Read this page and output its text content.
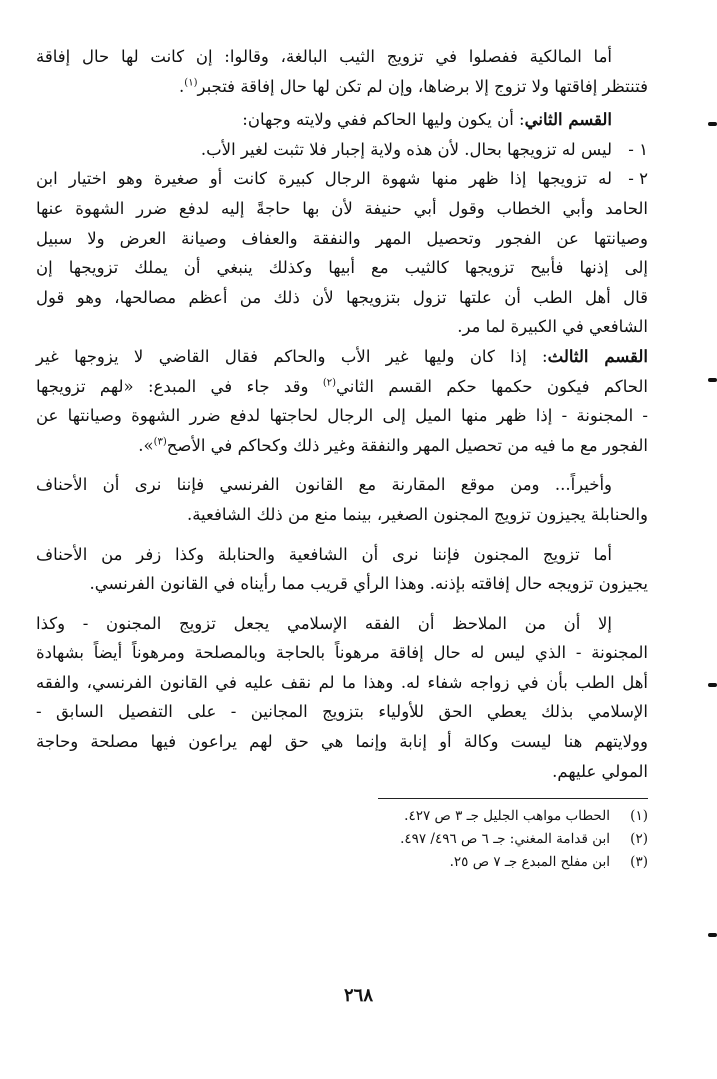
أما المالكية ففصلوا في تزويج الثيب البالغة، وقالوا: إن كانت لها حال إفاقة
فتنتظر إفاقتها ولا تزوج إلا برضاها، وإن لم تكن لها حال إفاقة فتجبر$^{(١)}$.

القسم الثاني: أن يكون وليها الحاكم ففي ولايته وجهان:

١ -
ليس له تزويجها بحال. لأن هذه ولاية إجبار فلا تثبت لغير الأب.
٢ -
له تزويجها إذا ظهر منها شهوة الرجال كبيرة كانت أو صغيرة وهو اختيار ابن
الحامد وأبي الخطاب وقول أبي حنيفة لأن بها حاجةً إليه لدفع ضرر الشهوة عنها
وصيانتها عن الفجور وتحصيل المهر والنفقة والعفاف وصيانة العرض ولا سبيل
إلى إذنها فأبيح تزويجها كالثيب مع أبيها وكذلك ينبغي أن يملك تزويجها إن
قال أهل الطب أن علتها تزول بتزويجها لأن ذلك من أعظم مصالحها، وهو قول
الشافعي في الكبيرة لما مر.

القسم الثالث: إذا كان وليها غير الأب والحاكم فقال القاضي لا يزوجها غير
الحاكم فيكون حكمها حكم القسم الثاني$^{(٢)}$ وقد جاء في المبدع: «لهم تزويجها
- المجنونة - إذا ظهر منها الميل إلى الرجال لحاجتها لدفع ضرر الشهوة وصيانتها عن
الفجور مع ما فيه من تحصيل المهر والنفقة وغير ذلك وكحاكم في الأصح$^{(٣)}$».

وأخيراً... ومن موقع المقارنة مع القانون الفرنسي فإننا نرى أن الأحناف
والحنابلة يجيزون تزويج المجنون الصغير، بينما منع من ذلك الشافعية.

أما تزويج المجنون فإننا نرى أن الشافعية والحنابلة وكذا زفر من الأحناف
يجيزون تزويجه حال إفاقته بإذنه. وهذا الرأي قريب مما رأيناه في القانون الفرنسي.

إلا أن من الملاحظ أن الفقه الإسلامي يجعل تزويج المجنون - وكذا
المجنونة - الذي ليس له حال إفاقة مرهوناً بالحاجة وبالمصلحة ومرهوناً أيضاً بشهادة
أهل الطب بأن في زواجه شفاء له. وهذا ما لم نقف عليه في القانون الفرنسي، والفقه
الإسلامي بذلك يعطي الحق للأولياء بتزويج المجانين - على التفصيل السابق -
وولايتهم هنا ليست وكالة أو إنابة وإنما هي حق لهم يراعون فيها مصلحة وحاجة
المولي عليهم.

(١)
الحطاب مواهب الجليل جـ ٣ ص ٤٢٧.
(٢)
ابن قدامة المغني: جـ ٦ ص ٤٩٦/ ٤٩٧.
(٣)
ابن مفلح المبدع جـ ٧ ص ٢٥.
٢٦٨
